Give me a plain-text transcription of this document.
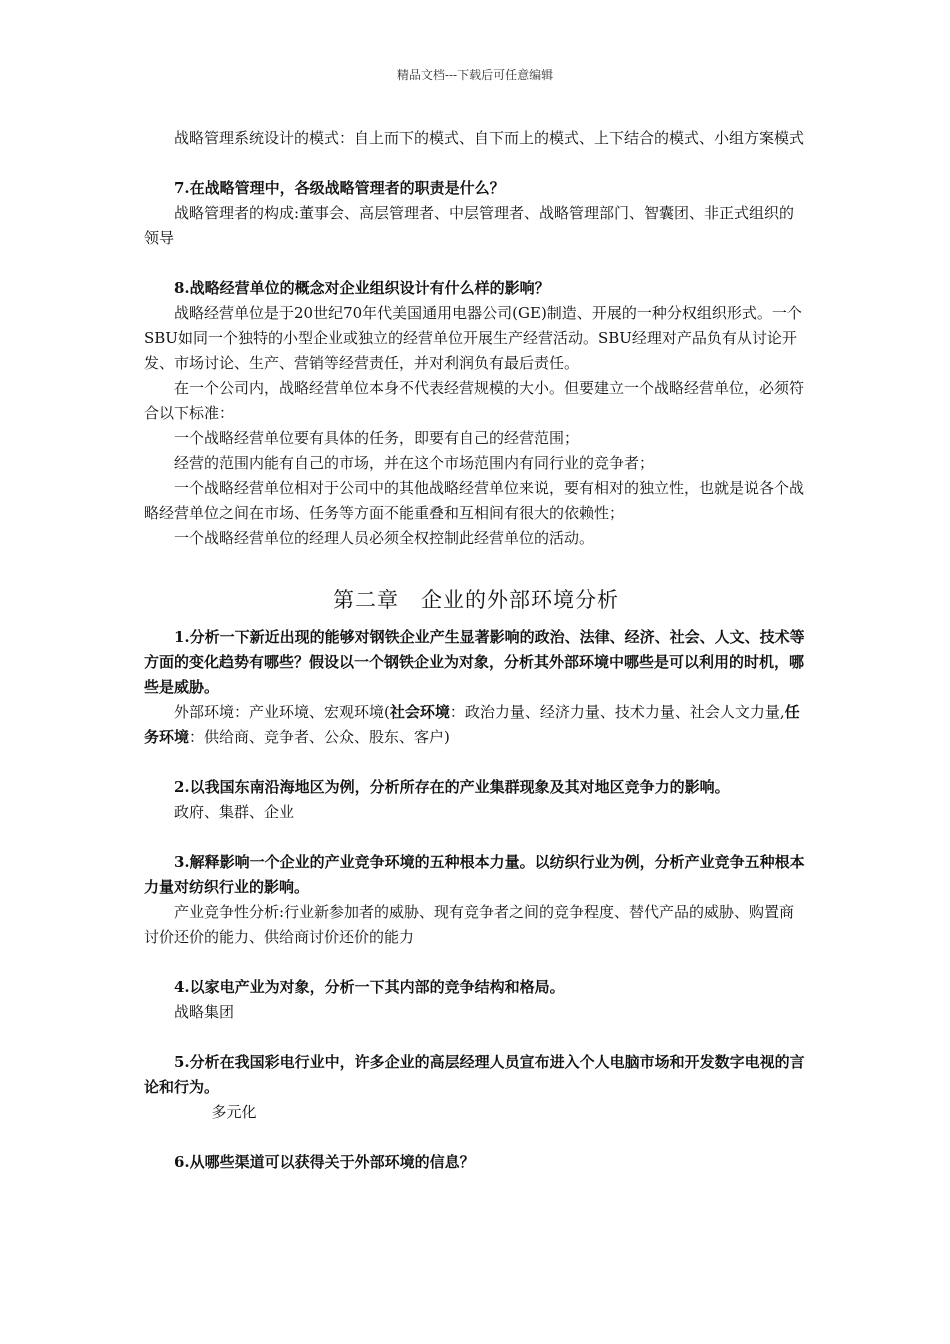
精品文档---下载后可任意编辑

战略管理系统设计的模式：自上而下的模式、自下而上的模式、上下结合的模式、小组方案模式

7.在战略管理中，各级战略管理者的职责是什么？

战略管理者的构成:董事会、高层管理者、中层管理者、战略管理部门、智囊团、非正式组织的领导

8.战略经营单位的概念对企业组织设计有什么样的影响？

战略经营单位是于20世纪70年代美国通用电器公司(GE)制造、开展的一种分权组织形式。一个SBU如同一个独特的小型企业或独立的经营单位开展生产经营活动。SBU经理对产品负有从讨论开发、市场讨论、生产、营销等经营责任，并对利润负有最后责任。

在一个公司内，战略经营单位本身不代表经营规模的大小。但要建立一个战略经营单位，必须符合以下标准：

一个战略经营单位要有具体的任务，即要有自己的经营范围；

经营的范围内能有自己的市场，并在这个市场范围内有同行业的竞争者；

一个战略经营单位相对于公司中的其他战略经营单位来说，要有相对的独立性，也就是说各个战略经营单位之间在市场、任务等方面不能重叠和互相间有很大的依赖性；

一个战略经营单位的经理人员必须全权控制此经营单位的活动。

第二章　企业的外部环境分析

1.分析一下新近出现的能够对钢铁企业产生显著影响的政治、法律、经济、社会、人文、技术等方面的变化趋势有哪些？假设以一个钢铁企业为对象，分析其外部环境中哪些是可以利用的时机，哪些是威胁。

外部环境：产业环境、宏观环境(社会环境：政治力量、经济力量、技术力量、社会人文力量,任务环境：供给商、竞争者、公众、股东、客户)

2.以我国东南沿海地区为例，分析所存在的产业集群现象及其对地区竞争力的影响。

政府、集群、企业

3.解释影响一个企业的产业竞争环境的五种根本力量。以纺织行业为例，分析产业竞争五种根本力量对纺织行业的影响。

产业竞争性分析:行业新参加者的威胁、现有竞争者之间的竞争程度、替代产品的威胁、购置商讨价还价的能力、供给商讨价还价的能力

4.以家电产业为对象，分析一下其内部的竞争结构和格局。

战略集团

5.分析在我国彩电行业中，许多企业的高层经理人员宣布进入个人电脑市场和开发数字电视的言论和行为。

多元化

6.从哪些渠道可以获得关于外部环境的信息？
